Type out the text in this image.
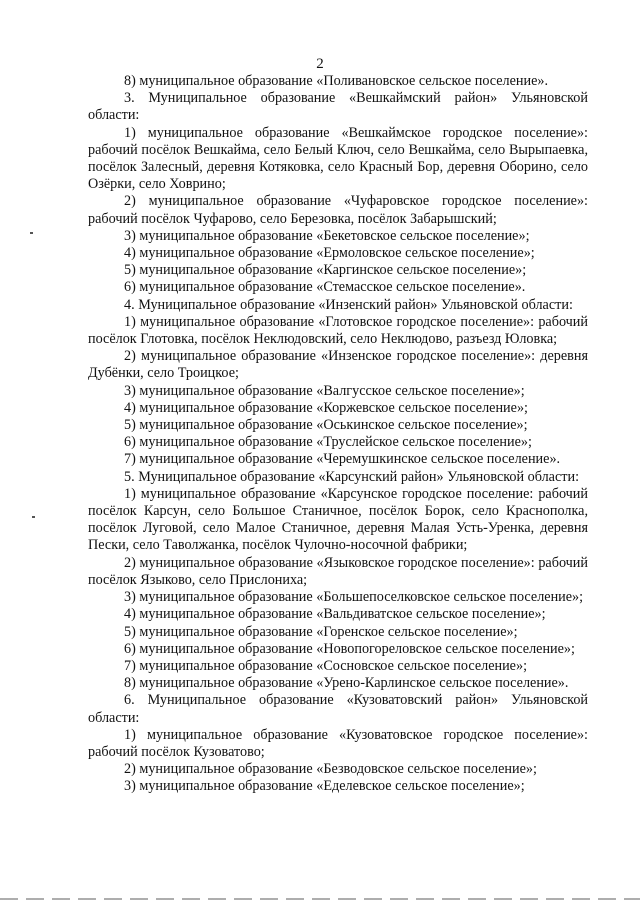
2

8) муниципальное образование «Поливановское сельское поселение».

3. Муниципальное образование «Вешкаймский район» Ульяновской области:

1) муниципальное образование «Вешкаймское городское поселение»: рабочий посёлок Вешкайма, село Белый Ключ, село Вешкайма, село Вырыпаевка, посёлок Залесный, деревня Котяковка, село Красный Бор, деревня Оборино, село Озёрки, село Ховрино;

2) муниципальное образование «Чуфаровское городское поселение»: рабочий посёлок Чуфарово, село Березовка, посёлок Забарышский;

3) муниципальное образование «Бекетовское сельское поселение»;

4) муниципальное образование «Ермоловское сельское поселение»;

5) муниципальное образование «Каргинское сельское поселение»;

6) муниципальное образование «Стемасское сельское поселение».

4. Муниципальное образование «Инзенский район» Ульяновской области:

1) муниципальное образование «Глотовское городское поселение»: рабочий посёлок Глотовка, посёлок Неклюдовский, село Неклюдово, разъезд Юловка;

2) муниципальное образование «Инзенское городское поселение»: деревня Дубёнки, село Троицкое;

3) муниципальное образование «Валгусское сельское поселение»;

4) муниципальное образование «Коржевское сельское поселение»;

5) муниципальное образование «Оськинское сельское поселение»;

6) муниципальное образование «Труслейское сельское поселение»;

7) муниципальное образование «Черемушкинское сельское поселение».

5. Муниципальное образование «Карсунский район» Ульяновской области:

1) муниципальное образование «Карсунское городское поселение: рабочий посёлок Карсун, село Большое Станичное, посёлок Борок, село Краснополка, посёлок Луговой, село Малое Станичное, деревня Малая Усть-Уренка, деревня Пески, село Таволжанка, посёлок Чулочно-носочной фабрики;

2) муниципальное образование «Языковское городское поселение»: рабочий посёлок Языково, село Прислониха;

3) муниципальное образование «Большепоселковское сельское поселение»;

4) муниципальное образование «Вальдиватское сельское поселение»;

5) муниципальное образование «Горенское сельское поселение»;

6) муниципальное образование «Новопогореловское сельское поселение»;

7) муниципальное образование «Сосновское сельское поселение»;

8) муниципальное образование «Урено-Карлинское сельское поселение».

6. Муниципальное образование «Кузоватовский район» Ульяновской области:

1) муниципальное образование «Кузоватовское городское поселение»: рабочий посёлок Кузоватово;

2) муниципальное образование «Безводовское сельское поселение»;

3) муниципальное образование «Еделевское сельское поселение»;
